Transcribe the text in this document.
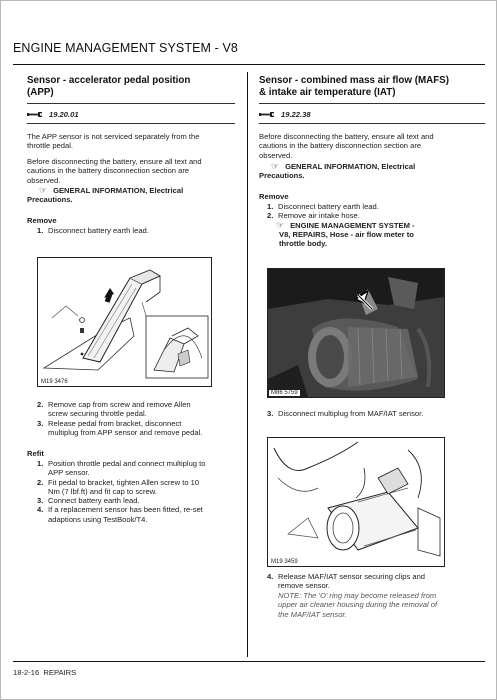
ENGINE MANAGEMENT SYSTEM - V8
Sensor - accelerator pedal position
(APP)
19.20.01
The APP sensor is not serviced separately from the
throttle pedal.
Before disconnecting the battery, ensure all text and
cautions in the battery disconnection section are
observed.
☞ GENERAL INFORMATION, Electrical
Precautions.
Remove
1. Disconnect battery earth lead.
M19 3476
2. Remove cap from screw and remove Allen
screw securing throttle pedal.
3. Release pedal from bracket, disconnect
multiplug from APP sensor and remove pedal.
Refit
1. Position throttle pedal and connect multiplug to
APP sensor.
2. Fit pedal to bracket, tighten Allen screw to 10
Nm (7 lbf.ft) and fit cap to screw.
3. Connect battery earth lead.
4. If a replacement sensor has been fitted, re-set
adaptions using TestBook/T4.
Sensor - combined mass air flow (MAFS)
& intake air temperature (IAT)
19.22.38
Before disconnecting the battery, ensure all text and
cautions in the battery disconnection section are
observed.
☞ GENERAL INFORMATION, Electrical
Precautions.
Remove
1. Disconnect battery earth lead.
2. Remove air intake hose.
☞ ENGINE MANAGEMENT SYSTEM -
V8, REPAIRS, Hose - air flow meter to
throttle body.
M86 5759
3. Disconnect multiplug from MAF/IAT sensor.
M19 3459
4. Release MAF/IAT sensor securing clips and
remove sensor.
NOTE: The 'O' ring may become released from
upper air cleaner housing during the removal of
the MAF/IAT sensor.
18-2-16 REPAIRS
